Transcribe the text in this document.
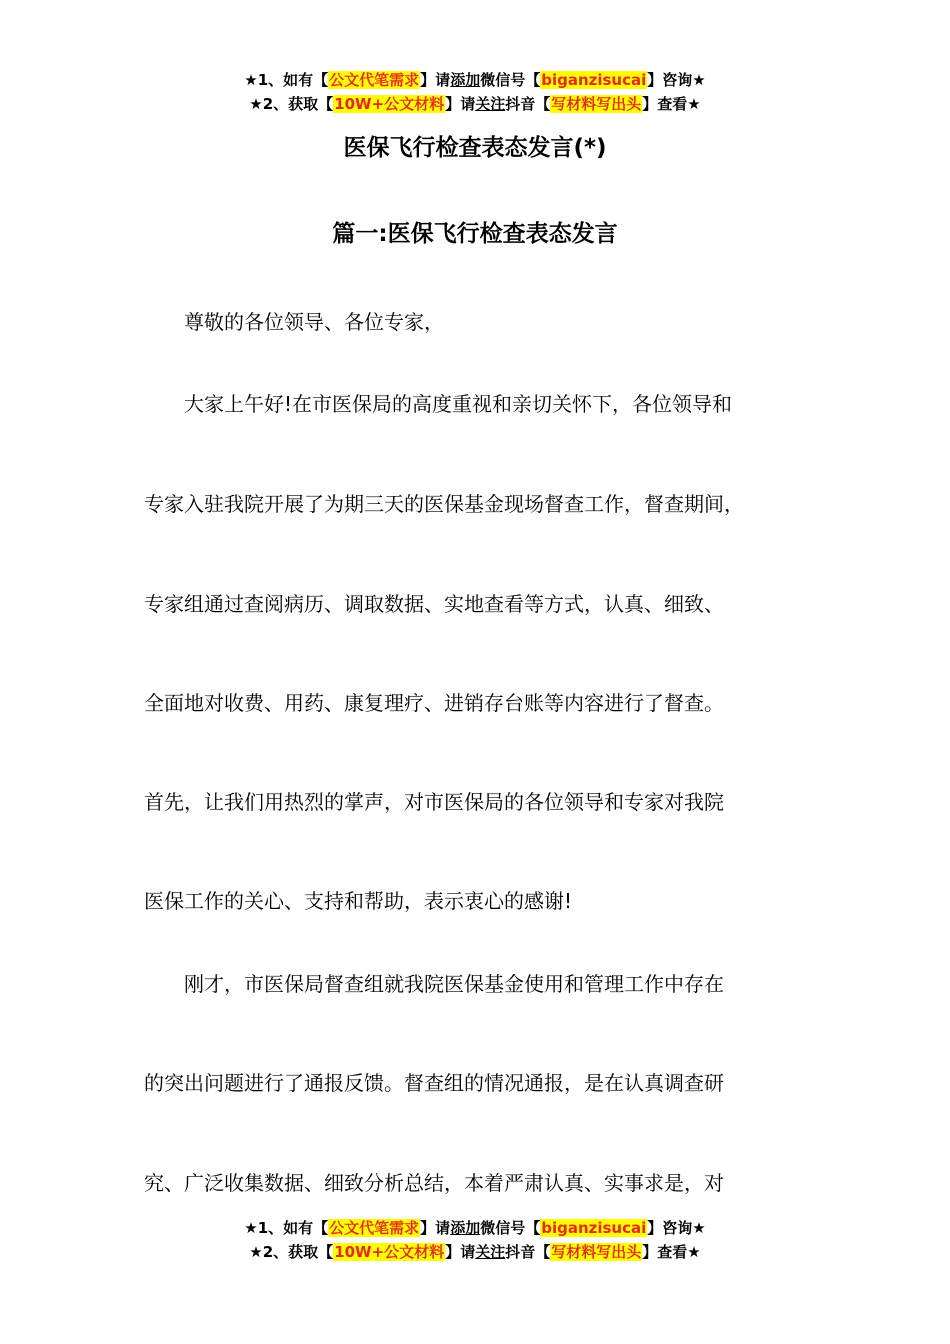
★1、如有【公文代笔需求】请添加微信号【biganzisucai】咨询★
★2、获取【10W+公文材料】请关注抖音【写材料写出头】查看★
医保飞行检查表态发言(*)
篇一:医保飞行检查表态发言
　　尊敬的各位领导、各位专家，
　　大家上午好!在市医保局的高度重视和亲切关怀下，各位领导和
专家入驻我院开展了为期三天的医保基金现场督查工作，督查期间，
专家组通过查阅病历、调取数据、实地查看等方式，认真、细致、
全面地对收费、用药、康复理疗、进销存台账等内容进行了督查。
首先，让我们用热烈的掌声，对市医保局的各位领导和专家对我院
医保工作的关心、支持和帮助，表示衷心的感谢!
　　刚才，市医保局督查组就我院医保基金使用和管理工作中存在
的突出问题进行了通报反馈。督查组的情况通报，是在认真调查研
究、广泛收集数据、细致分析总结，本着严肃认真、实事求是，对
★1、如有【公文代笔需求】请添加微信号【biganzisucai】咨询★
★2、获取【10W+公文材料】请关注抖音【写材料写出头】查看★
